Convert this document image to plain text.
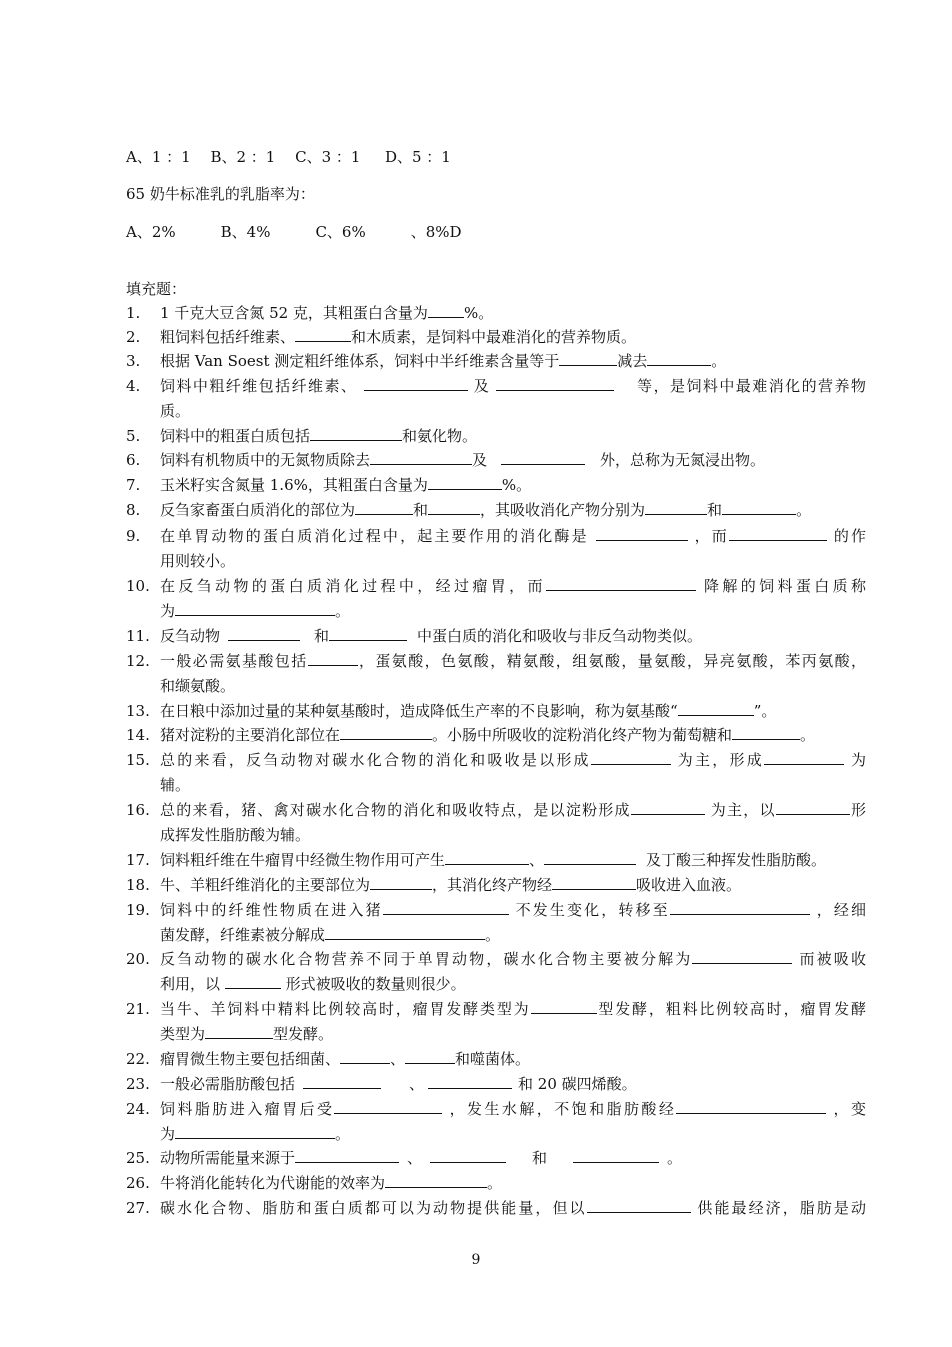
A、1 ：1　 B、2 ：1 　C、3 ：1 　 D、5 ：1
65 奶牛标准乳的乳脂率为：
A、2%　　　B、4%　　　C、6%　　　、8%D
填充题：
1. 1 千克大豆含氮 52 克，其粗蛋白含量为 %。
2. 粗饲料包括纤维素、	和木质素，是饲料中最难消化的营养物质。
3. 根据 Van Soest 测定粗纤维体系，饲料中半纤维素含量等于	减去	。
4. 饲料中粗纤维包括纤维素、	及	　等，是饲料中最难消化的营养物
质。
5. 饲料中的粗蛋白质包括	和氨化物。
6. 饲料有机物质中的无氮物质除去	及	　外，总称为无氮浸出物。
7. 玉米籽实含氮量 1.6%，其粗蛋白含量为	%。
8. 反刍家畜蛋白质消化的部位为	和	，其吸收消化产物分别为	和	。
9. 在单胃动物的蛋白质消化过程中，起主要作用的消化酶是	，而	的作
用则较小。
10. 在反刍动物的蛋白质消化过程中，经过瘤胃，而	降解的饲料蛋白质称
为	。
11. 反刍动物	和	中蛋白质的消化和吸收与非反刍动物类似。
12. 一般必需氨基酸包括	，蛋氨酸，色氨酸，精氨酸，组氨酸，量氨酸，异亮氨酸，苯丙氨酸，
和缬氨酸。
13. 在日粮中添加过量的某种氨基酸时，造成降低生产率的不良影响，称为氨基酸“	”。
14. 猪对淀粉的主要消化部位在	。小肠中所吸收的淀粉消化终产物为葡萄糖和	。
15. 总的来看，反刍动物对碳水化合物的消化和吸收是以形成	为主，形成	为
辅。
16. 总的来看，猪、禽对碳水化合物的消化和吸收特点，是以淀粉形成	为主，以	形
成挥发性脂肪酸为辅。
17. 饲料粗纤维在牛瘤胃中经微生物作用可产生	、	及丁酸三种挥发性脂肪酸。
18. 牛、羊粗纤维消化的主要部位为	，其消化终产物经	吸收进入血液。
19. 饲料中的纤维性物质在进入猪	不发生变化，转移至	，经细
菌发酵，纤维素被分解成	。
20. 反刍动物的碳水化合物营养不同于单胃动物，碳水化合物主要被分解为	而被吸收
利用，以	形式被吸收的数量则很少。
21. 当牛、羊饲料中精料比例较高时，瘤胃发酵类型为	型发酵，粗料比例较高时，瘤胃发酵
类型为	型发酵。
22. 瘤胃微生物主要包括细菌、	、	和噬菌体。
23. 一般必需脂肪酸包括	、	和 20 碳四烯酸。
24. 饲料脂肪进入瘤胃后受	，发生水解，不饱和脂肪酸经	，变
为	。
25. 动物所需能量来源于	、	和	。
26. 牛将消化能转化为代谢能的效率为	。
27. 碳水化合物、脂肪和蛋白质都可以为动物提供能量，但以	供能最经济，脂肪是动
9
